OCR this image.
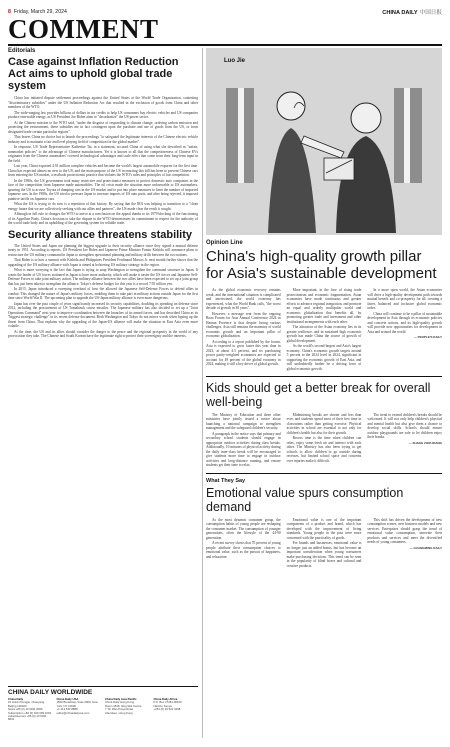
8 Friday, March 29, 2024	CHINA DAILY 中国日报
COMMENT
Editorials
Case against Inflation Reduction Act aims to uphold global trade system

China has initiated dispute settlement proceedings against the United States at the World Trade Organization, contesting "discriminatory subsidies" under the US Inflation Reduction Act that resulted in the exclusion of goods from China and other members of the WTO.

The wide-ranging law provides billions of dollars in tax credits to help US consumers buy electric vehicles and US companies produce renewable energy, as US President Joe Biden aims to "decarbonize" the US power sector.

At the Chinese mission to the WTO said, "under the disguise of responding to climate change, ordering carbon emission and protecting the environment, these subsidies are in fact contingent upon the purchase and use of goods from the US, or from designated trade certain particular regions".

That leaves China no choice but to launch the proceedings "to safeguard the legitimate interests of the Chinese electric vehicle industry and to maintain a fair and level playing field of competition for the global market".

In response, US Trade Representative Katherine Tai, in a statement, accused China of using what she described as "unfair, nonmarket policies" to the advantage of Chinese manufacturers. Yet it is known to all that the competitiveness of Chinese EVs originates from the Chinese automakers' covered technological advantages and scale effect that come from their long-term input in the field.

Last year, China exported 4.91 million complete vehicles and became the world's largest automobile exporter for the first time. China has expected almost no new to the US, and the main purpose of the US in enacting this bill has been to prevent Chinese cars from entering the US market, a textbook protectionist practice that violates the WTO's rules and principles of fair competition.

In the 1980s, the US government took many restrictive and protectionist measures to protect domestic auto companies in the face of the competition from Japanese made automobiles. The oil crisis made the situation more unfavorable to US automakers, spurring the US to accuse Toyota of dumping cars in the US market and to put into place measures to limit the number of imported Japanese cars. In the 1980s, the US tried to pressure Japan to increase imports of US auto parts, and after being rejected, it imposed punitive tariffs on Japanese cars.

What the US is trying to do now is a repetition of that history. By saying that the IRA was helping to transition to a "clean energy future that we are collectively seeking with our allies and partners", the US made clear the result it sought.

Although in full rule to changes the WTO to arrive at a conclusion on the appeal thanks to its 1979 blocking of the functioning of its Appellate Body. China's decision to take the dispute to the WTO demonstrates its commitment to respect for the authority of the world trade body and its upholding of the governing system for reliable trade.

Security alliance threatens stability

The United States and Japan are planning the biggest upgrade to their security alliance since they signed a mutual defense treaty in 1951. According to reports, US President Joe Biden and Japanese Prime Minister Fumio Kishida will announce plans to restructure the US military command in Japan to strengthen operational planning and military drills between the two nations.

That Biden is to host a summit with Kishida and Philippines President Ferdinand Marcos Jr. next month further shows that the upgrading of the US military alliance with Japan is aimed at bolstering US military strategy in the region.

What is more worrying is the fact that Japan is trying to snap Washington to strengthen the command structure in Japan. It wants the leader of US forces stationed in Japan to have more authority, which will make it easier the US forces and Japanese Self-Defense Forces to take joint military action. The military alliance between the two allies have been expected to set up a joint group that has just been taken to strengthen the alliance, Tokyo's defense budget for this year is a record 7.95 trillion yen.

In 2015, Japan introduced a sweeping overhaul of how the allowed the Japanese Self-Defense Forces to defend allies in combat. This changed the nature of Japan's military forces, enabling them to take part in military actions outside Japan for the first time since World War II. The upcoming plan to upgrade the US-Japan military alliance is even more dangerous.

Japan has over the past couple of years significantly increased its security capabilities, doubling its spending on defense since 2012, including the procurement of US Tomahawk cruise missiles. The Japanese military has also decided to set up a "Joint Operations Command" next year to improve coordination between the branches of its armed forces, and has described China as its "biggest strategic challenge" in its recent defense document. Both Washington and Tokyo do not mince words when hyping up the threat from China. That explains why the upgrading of the Japan-US alliance will make the situation in East Asia even more volatile.

At the time, the US and its allies should consider the danger to the peace and the regional prosperity in the world of any provocation they take. The Chinese and South Korean have the legitimate right to protect their sovereignty and the interests.

CHINA DAILY WORLDWIDE
China Daily
15 Huixin Dongjie, Chaoyang, Beijing 100029
News +86 (0) 10 6491 8366
Subscription +86 (0) 400 699 0203
Advertisement +86 (0) 10 6491 8631
China Daily USA
1500 Broadway, Suite 2800, New York, NY 10036
+1 212 537 8888
editor@chinadailyusa.com
China Daily Asia Pacific
China Daily Hong Kong
Room 1818, Hing Wai Centre
7 Tin Wan Praya Road
Aberdeen, Hong Kong
China Daily Africa
P.O. Box 27281-00100
Nairobi, Kenya
+254 (0) 20 522 3498
Luo Jie
Opinion Line
China's high-quality growth pillar for Asia's sustainable development

As the global economic recovery remains weak, and the international situation is complicated and intertwined, the world economy has experienced, what the World Bank calls, "the worst decade of growth in 30 years".

However, a message sent from the ongoing Boao Forum for Asia Annual Conference 2024 in Hainan Province is that despite facing various challenges, Asia still remains the mainstay of world economic growth and an important pillar of economic globalization.

According to a report published by the forum, Asia is expected to grow faster this year than in 2023, at about 4.5 percent, and its purchasing power parity-weighted economies are expected to account for 49 percent of the global economy in 2024, making it still a key driver of global growth.

More important, in the face of rising trade protectionism and economic fragmentation, Asian economies have made continuous and greater efforts to advance regional integration, and promote an equal and orderly multipolar world and economic globalization that benefits all, by promoting greater trade and investment and other institutional arrangements with each other.

The attraction of the Asian economy lies in its greater resilience, and in sustained high economic growth has made China the source of growth of global development.

As the world's second-largest and Asia's largest economy, China's economic growth targets around 5 percent to the 2024 level in 2024, significant in supporting the economic growth of East Asia, and will undoubtedly further be a driving force of global economic growth.

In a more open world, the Asian economies will drive a high-quality development path towards mutual benefit and co-prosperity for all, creating a fairer, balanced and inclusive global economic order.

China will continue to be a pillar of sustainable development in Asia through its economic policies and concrete actions, and its high-quality growth will provide new opportunities for development in Asia and around the world.

— PEOPLE'S DAILY
Kids should get a better break for overall well-being

The Ministry of Education and three other ministries have jointly issued a notice about launching a national campaign to strengthen management and the safeguard children's security.

A paragraph in the notice says that primary and secondary school students should engage in appropriate outdoor activities during class breaks. Additionally, 10 minutes of physical activity during the daily inter-class break will be encouraged to give students more time to engage in outdoor activities and long-distance running, and ensure students get their time to relax.

Midmorning breaks are shorter and less than ever, and students spend most of their free time in classrooms rather than getting exercise. Physical activities in school are essential to not only for children's health but also for their growth.

Recess time is the time when children can relax, enjoy some fresh air and interact with each other. The Ministry has also been trying to get schools to allow children to go outside during recesses, but limited school space and concerns over injuries make it difficult.

The trend to extend children's breaks should be welcomed. It will not only help children's physical and mental health but also give them a chance to develop social skills. Schools should ensure outdoor playgrounds are safe to let children enjoy their breaks.

— ZHANG ZHOUXIANG
What They Say
Emotional value spurs consumption demand

As the most dynamic consumer group, the consumption habits of young people are reshaping the consumer market. The consumption of younger generations, often the lifestyle of the 44-90 generation.

A recent survey shows that 70 percent of young people attribute their consumption choices to emotional value, such as the pursuit of happiness, and relaxation.

Emotional value is one of the important components of a product and brand, which has developed with the improvement of living standards. Young people in the past were more concerned with the practicality of goods.

For brands and businesses, emotional value is no longer just an added bonus, but has become an important consideration when young consumers make purchasing decisions. This trend can be seen in the popularity of blind boxes and cultural and creative products.

This shift has driven the development of new consumption scenes, new business models and new services. Enterprises should grasp the trend of emotional value consumption, innovate their products and services and meet the diversified needs of young consumers.

— GUANGMING DAILY
